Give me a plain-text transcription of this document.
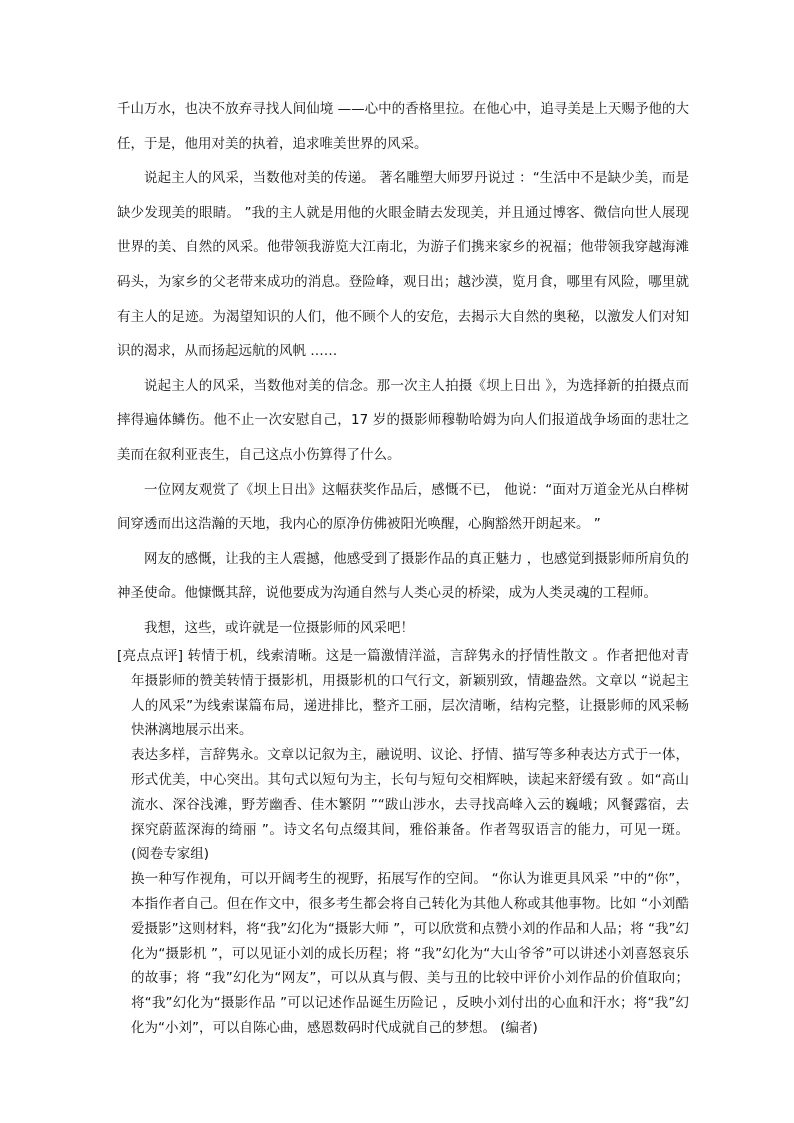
千山万水，也决不放弃寻找人间仙境 ——心中的香格里拉。在他心中，追寻美是上天赐予他的大任，于是，他用对美的执着，追求唯美世界的风采。

说起主人的风采，当数他对美的传递。 著名雕塑大师罗丹说过 ：“生活中不是缺少美，而是缺少发现美的眼睛。 ”我的主人就是用他的火眼金睛去发现美，并且通过博客、微信向世人展现世界的美、自然的风采。他带领我游览大江南北，为游子们携来家乡的祝福；他带领我穿越海滩码头，为家乡的父老带来成功的消息。登险峰，观日出；越沙漠，览月食，哪里有风险，哪里就有主人的足迹。为渴望知识的人们，他不顾个人的安危，去揭示大自然的奥秘，以激发人们对知识的渴求，从而扬起远航的风帆 ……

说起主人的风采，当数他对美的信念。那一次主人拍摄《坝上日出 》，为选择新的拍摄点而摔得遍体鳞伤。他不止一次安慰自己，17 岁的摄影师穆勒哈姆为向人们报道战争场面的悲壮之美而在叙利亚丧生，自己这点小伤算得了什么。

一位网友观赏了《坝上日出》这幅获奖作品后，感慨不已， 他说：“面对万道金光从白桦树间穿透而出这浩瀚的天地，我内心的原净仿佛被阳光唤醒，心胸豁然开朗起来。 ”

网友的感慨，让我的主人震撼，他感受到了摄影作品的真正魅力 ，也感觉到摄影师所肩负的神圣使命。他慷慨其辞，说他要成为沟通自然与人类心灵的桥梁，成为人类灵魂的工程师。

我想，这些，或许就是一位摄影师的风采吧！

[亮点点评] 转情于机，线索清晰。这是一篇激情洋溢，言辞隽永的抒情性散文 。作者把他对青年摄影师的赞美转情于摄影机，用摄影机的口气行文，新颖别致，情趣盎然。文章以 “说起主人的风采”为线索谋篇布局，递进排比，整齐工丽，层次清晰，结构完整，让摄影师的风采畅快淋漓地展示出来。

表达多样，言辞隽永。文章以记叙为主，融说明、议论、抒情、描写等多种表达方式于一体，形式优美，中心突出。其句式以短句为主，长句与短句交相辉映，读起来舒缓有致 。如“高山流水、深谷浅滩，野芳幽香、佳木繁阴 ”“跋山涉水，去寻找高峰入云的巍峨；风餐露宿，去探究蔚蓝深海的绮丽 ”。诗文名句点缀其间，雅俗兼备。作者驾驭语言的能力，可见一斑。 (阅卷专家组)

换一种写作视角，可以开阔考生的视野，拓展写作的空间。 “你认为谁更具风采 ”中的“你”，本指作者自己。但在作文中，很多考生都会将自己转化为其他人称或其他事物。比如 “小刘酷爱摄影”这则材料，将“我”幻化为“摄影大师 ”，可以欣赏和点赞小刘的作品和人品；将 “我”幻化为“摄影机 ”，可以见证小刘的成长历程；将 “我”幻化为“大山爷爷”可以讲述小刘喜怒哀乐的故事；将 “我”幻化为“网友”，可以从真与假、美与丑的比较中评价小刘作品的价值取向；将“我”幻化为“摄影作品 ”可以记述作品诞生历险记 ，反映小刘付出的心血和汗水；将“我”幻化为“小刘”，可以自陈心曲，感恩数码时代成就自己的梦想。 (编者)
